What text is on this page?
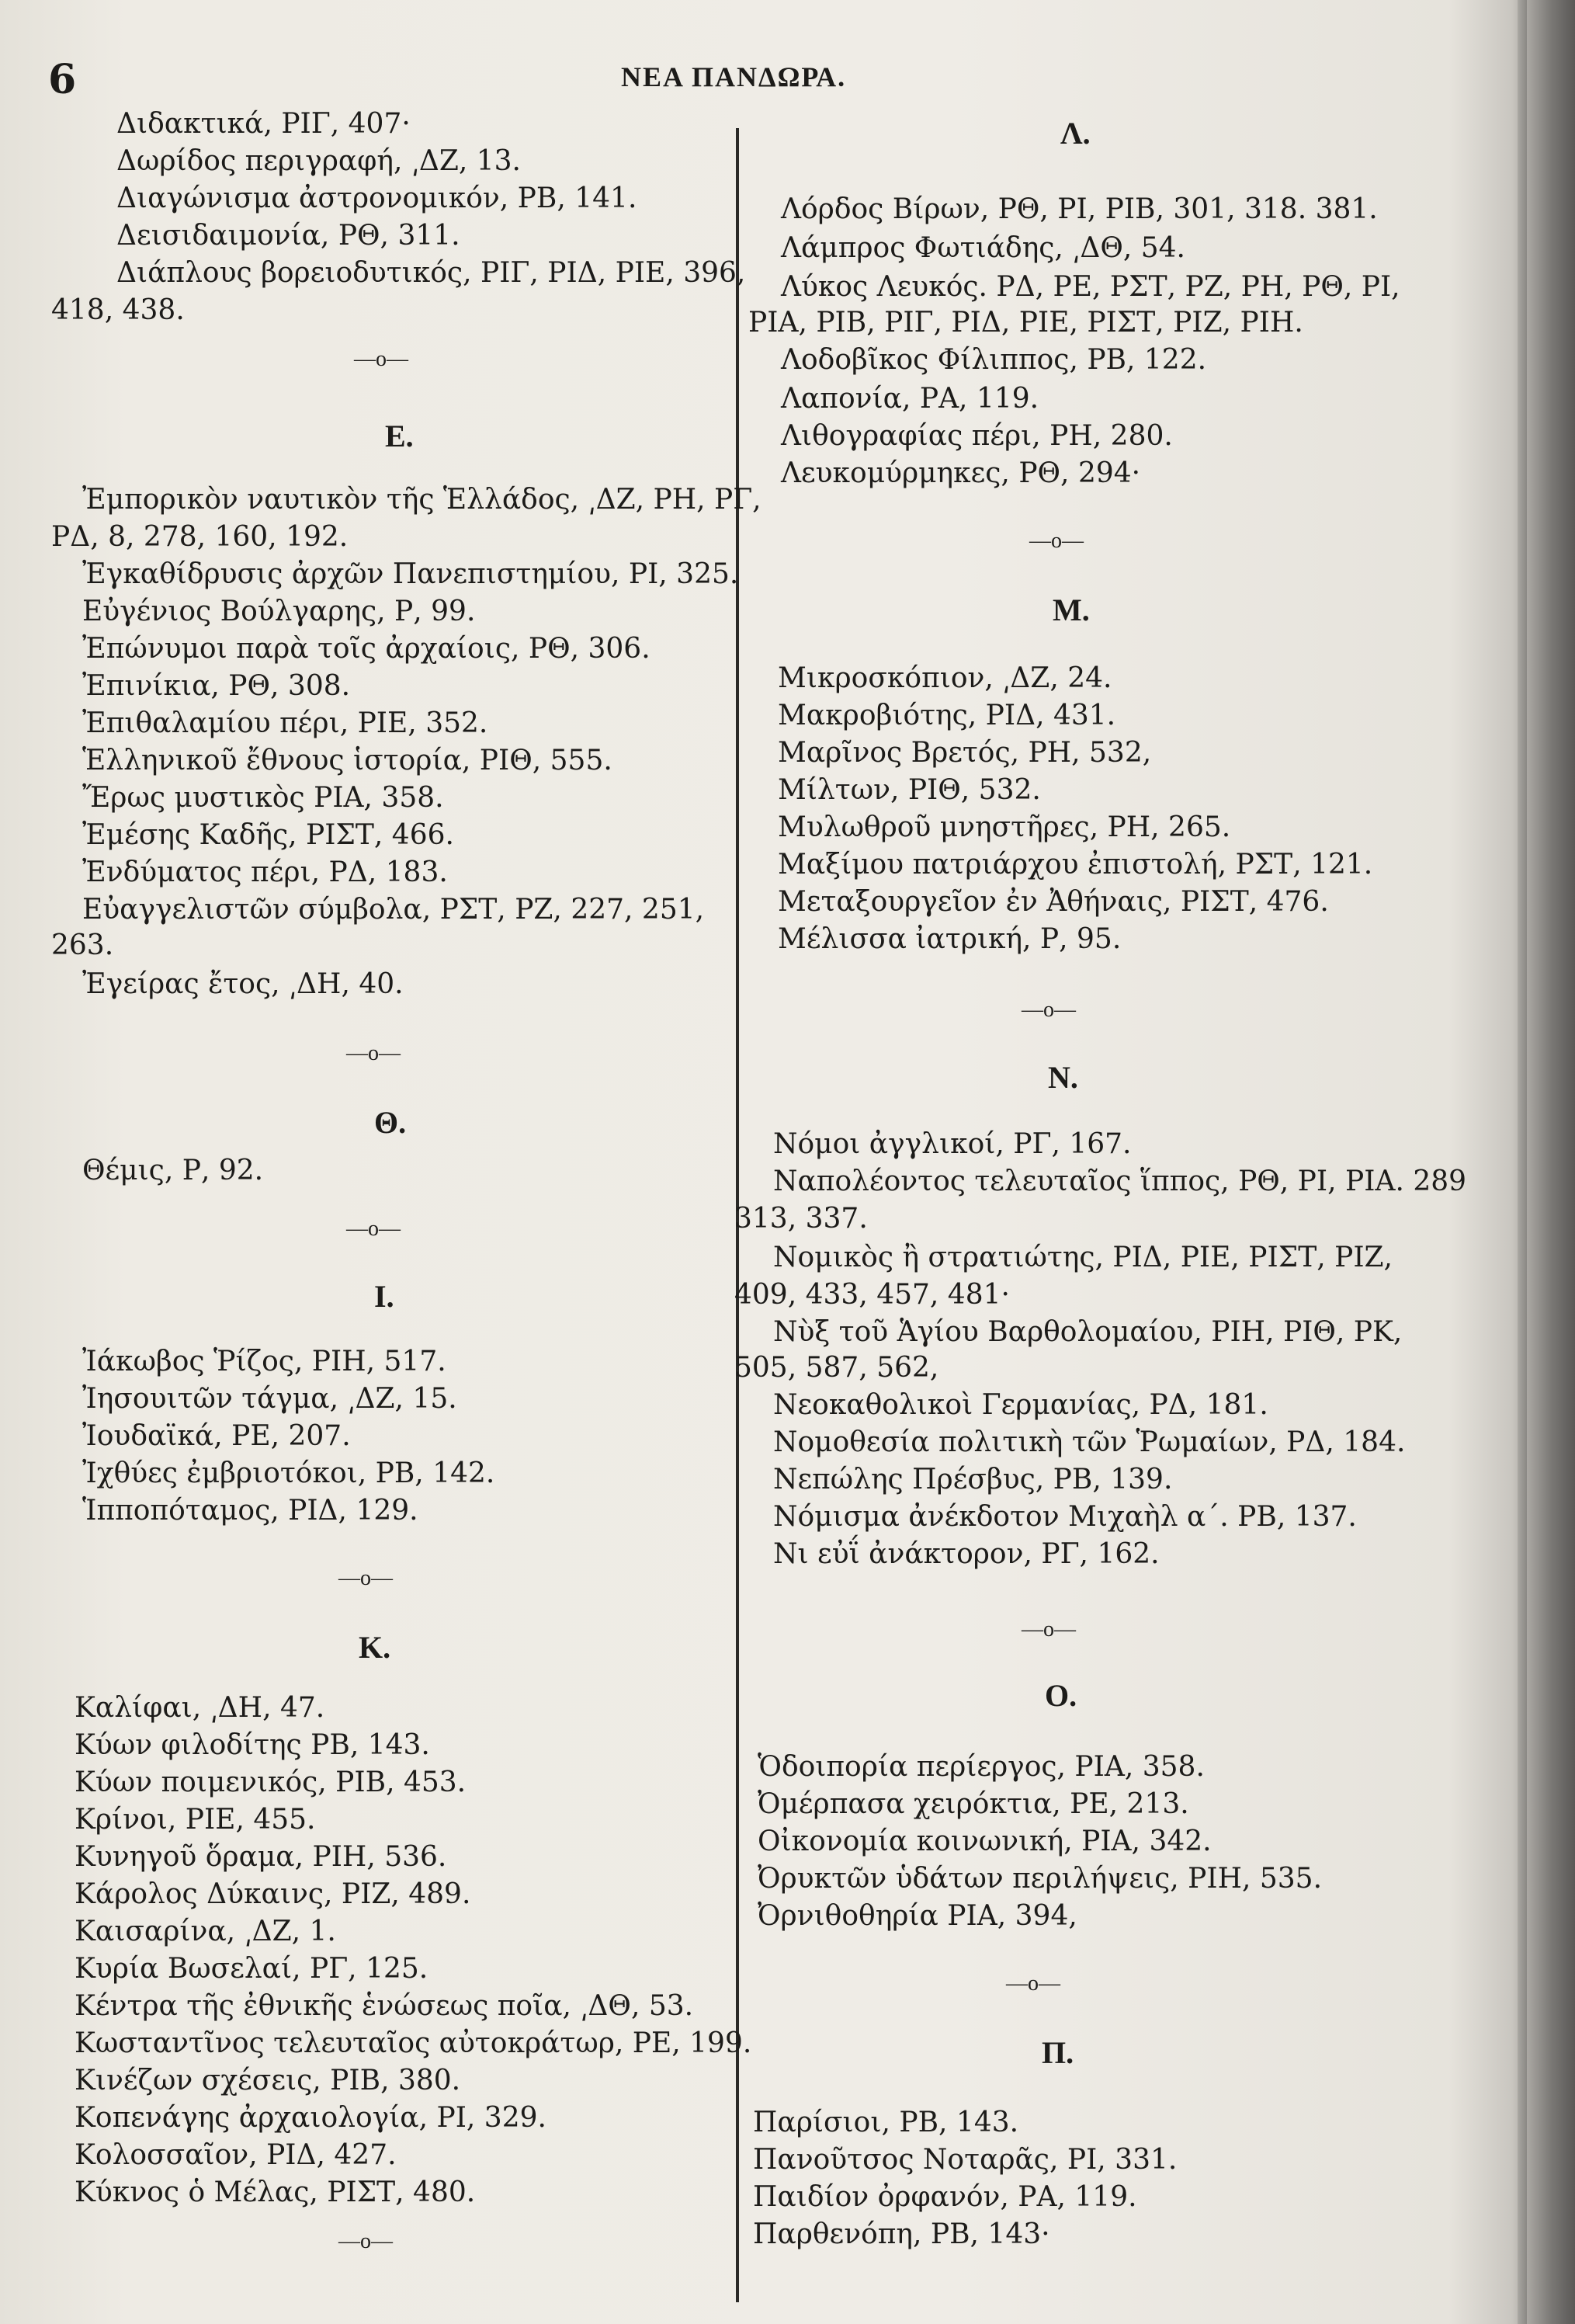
6	ΝΕΑ ΠΑΝΔΩΡΑ.
Διδακτικά, ΡΙΓ, 407·
Δωρίδος περιγραφή, ͵ΔΖ, 13.
Διαγώνισμα ἀστρονομικόν, ΡΒ, 141.
Δεισιδαιμονία, ΡΘ, 311.
Διάπλους βορειοδυτικός, ΡΙΓ, ΡΙΔ, ΡΙΕ, 396,
418, 438.
—o—
Ε.
Ἐμπορικὸν ναυτικὸν τῆς Ἑλλάδος, ͵ΔΖ, ΡΗ, ΡΓ,
ΡΔ, 8, 278, 160, 192.
Ἐγκαθίδρυσις ἀρχῶν Πανεπιστημίου, ΡΙ, 325.
Εὐγένιος Βούλγαρης, Ρ, 99.
Ἐπώνυμοι παρὰ τοῖς ἀρχαίοις, ΡΘ, 306.
Ἐπινίκια, ΡΘ, 308.
Ἐπιθαλαμίου πέρι, ΡΙΕ, 352.
Ἑλληνικοῦ ἔθνους ἱστορία, ΡΙΘ, 555.
Ἔρως μυστικὸς ΡΙΑ, 358.
Ἐμέσης Καδῆς, ΡΙΣΤ, 466.
Ἐνδύματος πέρι, ΡΔ, 183.
Εὐαγγελιστῶν σύμβολα, ΡΣΤ, ΡΖ, 227, 251,
263.
Ἐγείρας ἔτος, ͵ΔΗ, 40.
—o—
Θ.
Θέμις, Ρ, 92.
—o—
Ι.
Ἰάκωβος Ῥίζος, ΡΙΗ, 517.
Ἰησουιτῶν τάγμα, ͵ΔΖ, 15.
Ἰουδαϊκά, ΡΕ, 207.
Ἰχθύες ἐμβριοτόκοι, ΡΒ, 142.
Ἱπποπόταμος, ΡΙΔ, 129.
—o—
Κ.
Καλίφαι, ͵ΔΗ, 47.
Κύων φιλοδίτης ΡΒ, 143.
Κύων ποιμενικός, ΡΙΒ, 453.
Κρίνοι, ΡΙΕ, 455.
Κυνηγοῦ ὅραμα, ΡΙΗ, 536.
Κάρολος Δύκαινς, ΡΙΖ, 489.
Καισαρίνα, ͵ΔΖ, 1.
Κυρία Βωσελαί, ΡΓ, 125.
Κέντρα τῆς ἐθνικῆς ἑνώσεως ποῖα, ͵ΔΘ, 53.
Κωσταντῖνος τελευταῖος αὐτοκράτωρ, ΡΕ, 199.
Κινέζων σχέσεις, ΡΙΒ, 380.
Κοπενάγης ἀρχαιολογία, ΡΙ, 329.
Κολοσσαῖον, ΡΙΔ, 427.
Κύκνος ὁ Μέλας, ΡΙΣΤ, 480.
—o—
Λ.
Λόρδος Βίρων, ΡΘ, ΡΙ, ΡΙΒ, 301, 318. 381.
Λάμπρος Φωτιάδης, ͵ΔΘ, 54.
Λύκος Λευκός. ΡΔ, ΡΕ, ΡΣΤ, ΡΖ, ΡΗ, ΡΘ, ΡΙ,
ΡΙΑ, ΡΙΒ, ΡΙΓ, ΡΙΔ, ΡΙΕ, ΡΙΣΤ, ΡΙΖ, ΡΙΗ.
Λοδοβῖκος Φίλιππος, ΡΒ, 122.
Λαπονία, ΡΑ, 119.
Λιθογραφίας πέρι, ΡΗ, 280.
Λευκομύρμηκες, ΡΘ, 294·
—o—
Μ.
Μικροσκόπιον, ͵ΔΖ, 24.
Μακροβιότης, ΡΙΔ, 431.
Μαρῖνος Βρετός, ΡΗ, 532,
Μίλτων, ΡΙΘ, 532.
Μυλωθροῦ μνηστῆρες, ΡΗ, 265.
Μαξίμου πατριάρχου ἐπιστολή, ΡΣΤ, 121.
Μεταξουργεῖον ἐν Ἀθήναις, ΡΙΣΤ, 476.
Μέλισσα ἰατρική, Ρ, 95.
—o—
Ν.
Νόμοι ἀγγλικοί, ΡΓ, 167.
Ναπολέοντος τελευταῖος ἵππος, ΡΘ, ΡΙ, ΡΙΑ. 289
313, 337.
Νομικὸς ἢ στρατιώτης, ΡΙΔ, ΡΙΕ, ΡΙΣΤ, ΡΙΖ,
409, 433, 457, 481·
Νὺξ τοῦ Ἁγίου Βαρθολομαίου, ΡΙΗ, ΡΙΘ, ΡΚ,
505, 587, 562,
Νεοκαθολικοὶ Γερμανίας, ΡΔ, 181.
Νομοθεσία πολιτικὴ τῶν Ῥωμαίων, ΡΔ, 184.
Νεπώλης Πρέσβυς, ΡΒ, 139.
Νόμισμα ἀνέκδοτον Μιχαὴλ α΄. ΡΒ, 137.
Νι εὐΐ ἀνάκτορον, ΡΓ, 162.
—o—
Ο.
Ὁδοιπορία περίεργος, ΡΙΑ, 358.
Ὀμέρπασα χειρόκτια, ΡΕ, 213.
Οἰκονομία κοινωνική, ΡΙΑ, 342.
Ὀρυκτῶν ὑδάτων περιλήψεις, ΡΙΗ, 535.
Ὀρνιθοθηρία ΡΙΑ, 394,
—o—
Π.
Παρίσιοι, ΡΒ, 143.
Πανοῦτσος Νοταρᾶς, ΡΙ, 331.
Παιδίον ὀρφανόν, ΡΑ, 119.
Παρθενόπη, ΡΒ, 143·
